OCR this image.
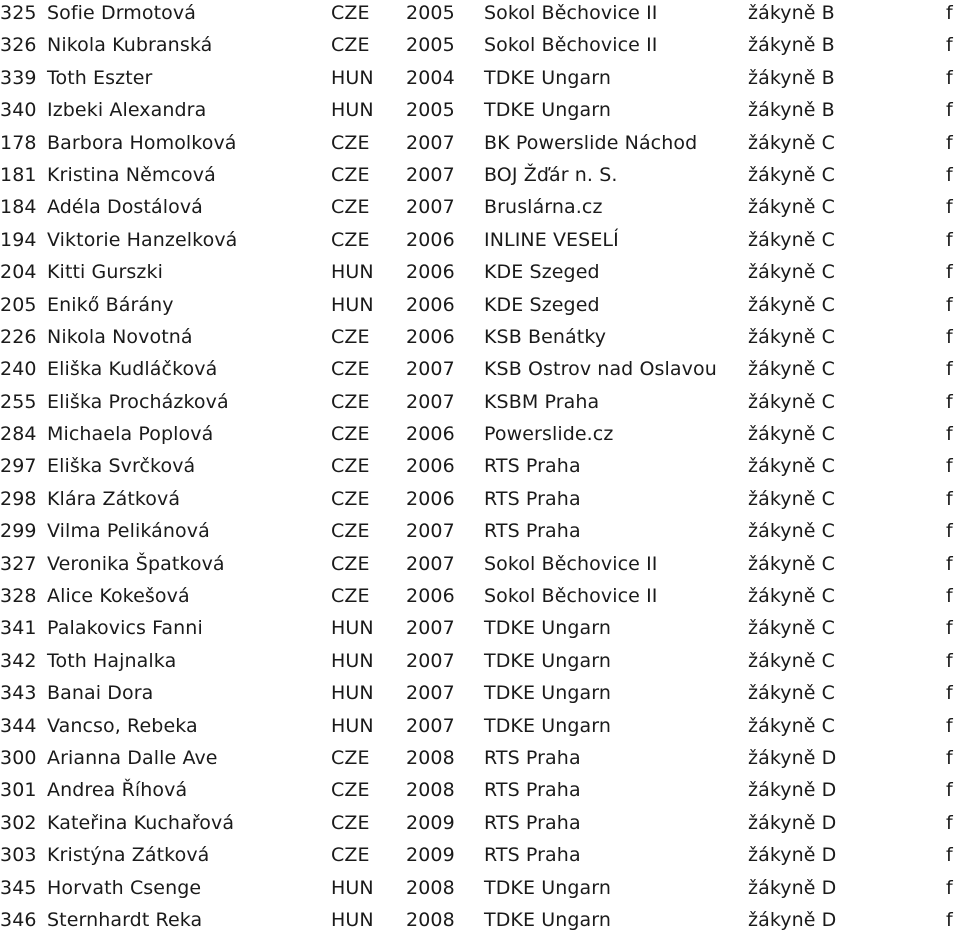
325 Sofie Drmotová	CZE 2005 Sokol Běchovice II	žákyně B	f
326 Nikola Kubranská	CZE 2005 Sokol Běchovice II	žákyně B	f
339 Toth Eszter	HUN 2004 TDKE Ungarn	žákyně B	f
340 Izbeki Alexandra	HUN 2005 TDKE Ungarn	žákyně B	f
178 Barbora Homolková	CZE 2007 BK Powerslide Náchod	žákyně C	f
181 Kristina Němcová	CZE 2007 BOJ Žďár n. S.	žákyně C	f
184 Adéla Dostálová	CZE 2007 Bruslárna.cz	žákyně C	f
194 Viktorie Hanzelková	CZE 2006 INLINE VESELÍ	žákyně C	f
204 Kitti Gurszki	HUN 2006 KDE Szeged	žákyně C	f
205 Enikő Bárány	HUN 2006 KDE Szeged	žákyně C	f
226 Nikola Novotná	CZE 2006 KSB Benátky	žákyně C	f
240 Eliška Kudláčková	CZE 2007 KSB Ostrov nad Oslavou žákyně C	f
255 Eliška Procházková	CZE 2007 KSBM Praha	žákyně C	f
284 Michaela Poplová	CZE 2006 Powerslide.cz	žákyně C	f
297 Eliška Svrčková	CZE 2006 RTS Praha	žákyně C	f
298 Klára Zátková	CZE 2006 RTS Praha	žákyně C	f
299 Vilma Pelikánová	CZE 2007 RTS Praha	žákyně C	f
327 Veronika Špatková	CZE 2007 Sokol Běchovice II	žákyně C	f
328 Alice Kokešová	CZE 2006 Sokol Běchovice II	žákyně C	f
341 Palakovics Fanni	HUN 2007 TDKE Ungarn	žákyně C	f
342 Toth Hajnalka	HUN 2007 TDKE Ungarn	žákyně C	f
343 Banai Dora	HUN 2007 TDKE Ungarn	žákyně C	f
344 Vancso, Rebeka	HUN 2007 TDKE Ungarn	žákyně C	f
300 Arianna Dalle Ave	CZE 2008 RTS Praha	žákyně D	f
301 Andrea Říhová	CZE 2008 RTS Praha	žákyně D	f
302 Kateřina Kuchařová	CZE 2009 RTS Praha	žákyně D	f
303 Kristýna Zátková	CZE 2009 RTS Praha	žákyně D	f
345 Horvath Csenge	HUN 2008 TDKE Ungarn	žákyně D	f
346 Sternhardt Reka	HUN 2008 TDKE Ungarn	žákyně D	f
